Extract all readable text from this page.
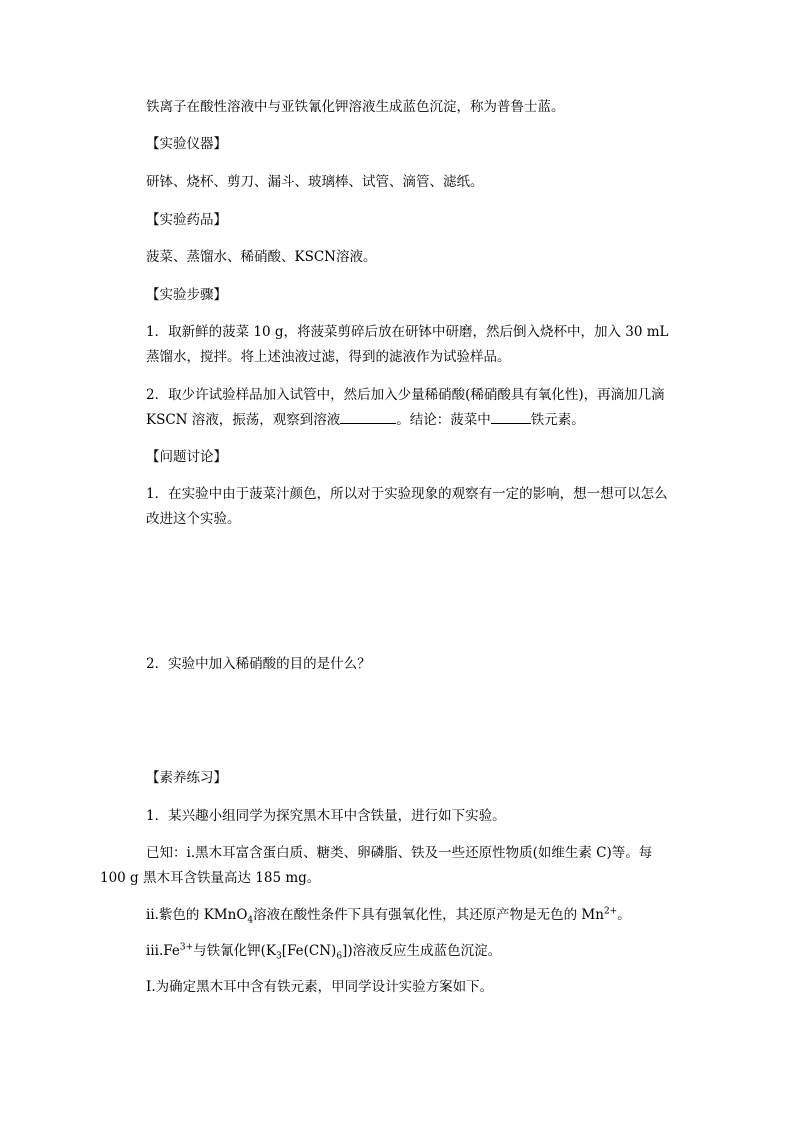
铁离子在酸性溶液中与亚铁氰化钾溶液生成蓝色沉淀，称为普鲁士蓝。

【实验仪器】

研钵、烧杯、剪刀、漏斗、玻璃棒、试管、滴管、滤纸。

【实验药品】

菠菜、蒸馏水、稀硝酸、KSCN溶液。

【实验步骤】

1．取新鲜的菠菜 10 g，将菠菜剪碎后放在研钵中研磨，然后倒入烧杯中，加入 30 mL

蒸馏水，搅拌。将上述浊液过滤，得到的滤液作为试验样品。

2．取少许试验样品加入试管中，然后加入少量稀硝酸(稀硝酸具有氧化性)，再滴加几滴

KSCN 溶液，振荡，观察到溶液	。结论：菠菜中	铁元素。

【问题讨论】

1．在实验中由于菠菜汁颜色，所以对于实验现象的观察有一定的影响，想一想可以怎么

改进这个实验。

2．实验中加入稀硝酸的目的是什么？

【素养练习】

1．某兴趣小组同学为探究黑木耳中含铁量，进行如下实验。

已知：ⅰ.黑木耳富含蛋白质、糖类、卵磷脂、铁及一些还原性物质(如维生素 C)等。每

100 g 黑木耳含铁量高达 185 mg。

ⅱ.紫色的 KMnO$_4$溶液在酸性条件下具有强氧化性，其还原产物是无色的 $Mn^{2+}$。

$ⅲ.Fe^{3+}$与铁氰化钾$(K_3[Fe(CN)_6])$溶液反应生成蓝色沉淀。

Ⅰ.为确定黑木耳中含有铁元素，甲同学设计实验方案如下。
